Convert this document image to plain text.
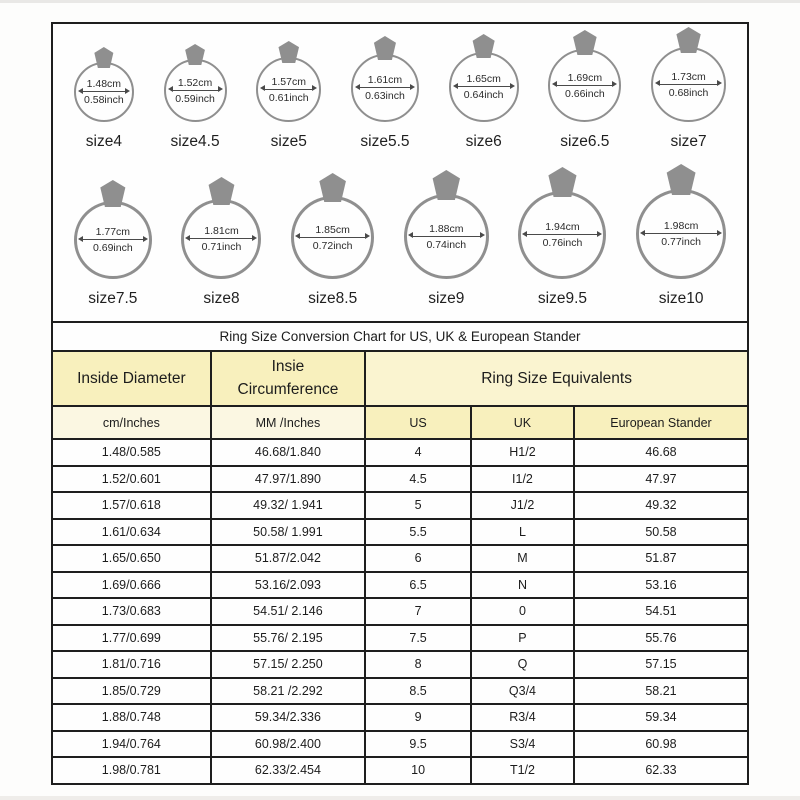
1.48cm
0.58inch
size4
1.52cm
0.59inch
size4.5
1.57cm
0.61inch
size5
1.61cm
0.63inch
size5.5
1.65cm
0.64inch
size6
1.69cm
0.66inch
size6.5
1.73cm
0.68inch
size7
1.77cm
0.69inch
size7.5
1.81cm
0.71inch
size8
1.85cm
0.72inch
size8.5
1.88cm
0.74inch
size9
1.94cm
0.76inch
size9.5
1.98cm
0.77inch
size10
Ring Size Conversion Chart for US, UK & European Stander				
Inside Diameter	Insie Circumference	Ring Size Equivalents		
cm/Inches	MM /Inches	US	UK	European Stander
1.48/0.585	46.68/1.840	4	H1/2	46.68
1.52/0.601	47.97/1.890	4.5	I1/2	47.97
1.57/0.618	49.32/ 1.941	5	J1/2	49.32
1.61/0.634	50.58/ 1.991	5.5	L	50.58
1.65/0.650	51.87/2.042	6	M	51.87
1.69/0.666	53.16/2.093	6.5	N	53.16
1.73/0.683	54.51/ 2.146	7	0	54.51
1.77/0.699	55.76/ 2.195	7.5	P	55.76
1.81/0.716	57.15/ 2.250	8	Q	57.15
1.85/0.729	58.21 /2.292	8.5	Q3/4	58.21
1.88/0.748	59.34/2.336	9	R3/4	59.34
1.94/0.764	60.98/2.400	9.5	S3/4	60.98
1.98/0.781	62.33/2.454	10	T1/2	62.33
